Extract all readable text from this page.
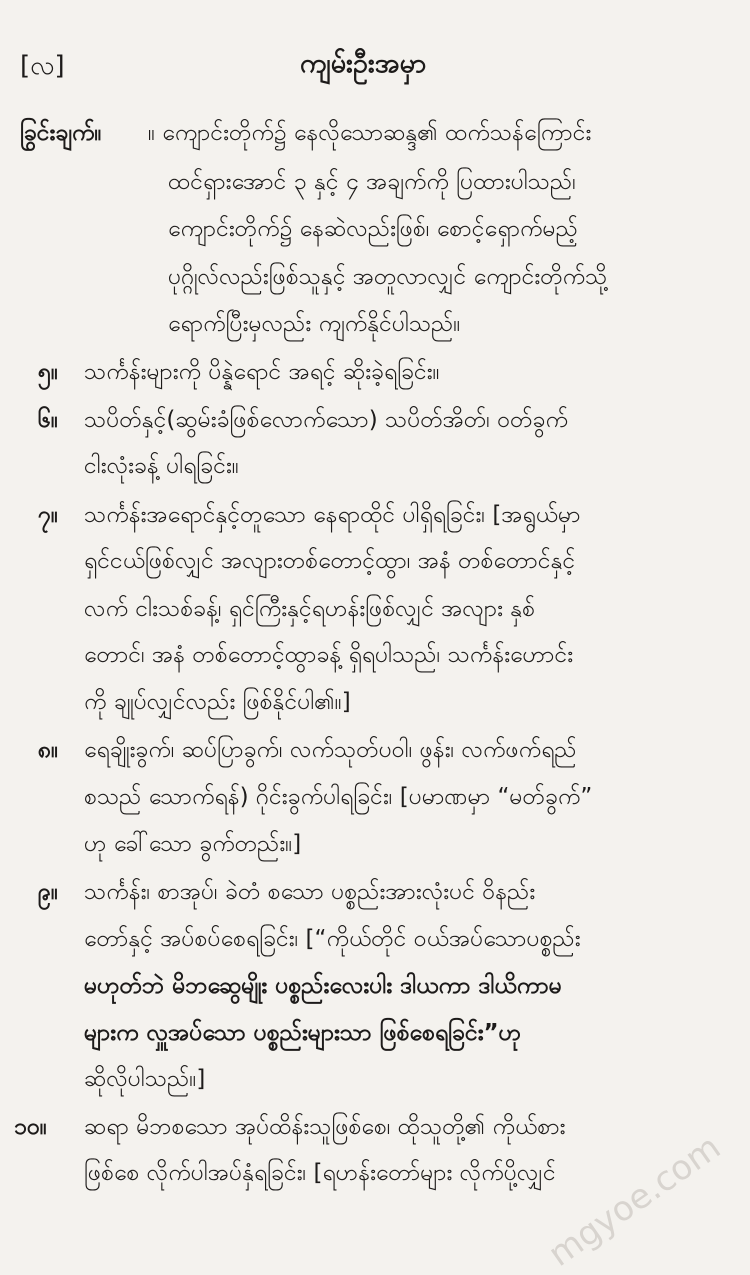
[လ]	ကျမ်းဦးအမှာ
ခြွင်းချက်။ ။ ကျောင်းတိုက်၌ နေလိုသောဆန္ဒ၏ ထက်သန်ကြောင်း
ထင်ရှားအောင် ၃ နှင့် ၄ အချက်ကို ပြထားပါသည်၊
ကျောင်းတိုက်၌ နေဆဲလည်းဖြစ်၊ စောင့်ရှောက်မည့်
ပုဂ္ဂိုလ်လည်းဖြစ်သူနှင့် အတူလာလျှင် ကျောင်းတိုက်သို့
ရောက်ပြီးမှလည်း ကျက်နိုင်ပါသည်။
၅။ သင်္ကန်းများကို ပိန္နဲရောင် အရင့် ဆိုးခဲ့ရခြင်း။
၆။ သပိတ်နှင့်(ဆွမ်းခံဖြစ်လောက်သော) သပိတ်အိတ်၊ ဝတ်ခွက်
ငါးလုံးခန့် ပါရခြင်း။
၇။ သင်္ကန်းအရောင်နှင့်တူသော နေရာထိုင် ပါရှိရခြင်း၊ [အရွယ်မှာ
ရှင်ငယ်ဖြစ်လျှင် အလျားတစ်တောင့်ထွာ၊ အနံ တစ်တောင်နှင့်
လက် ငါးသစ်ခန့်၊ ရှင်ကြီးနှင့်ရဟန်းဖြစ်လျှင် အလျား နှစ်
တောင်၊ အနံ တစ်တောင့်ထွာခန့် ရှိရပါသည်၊ သင်္ကန်းဟောင်း
ကို ချုပ်လျှင်လည်း ဖြစ်နိုင်ပါ၏။]
၈။ ရေချိုးခွက်၊ ဆပ်ပြာခွက်၊ လက်သုတ်ပဝါ၊ ဖွန်း၊ လက်ဖက်ရည်
စသည် သောက်ရန်) ဂိုင်းခွက်ပါရခြင်း၊ [ပမာဏမှာ “မတ်ခွက်”
ဟု ခေါ်သော ခွက်တည်း။]
၉။ သင်္ကန်း၊ စာအုပ်၊ ခဲတံ စသော ပစ္စည်းအားလုံးပင် ဝိနည်း
တော်နှင့် အပ်စပ်စေရခြင်း၊ [“ကိုယ်တိုင် ဝယ်အပ်သောပစ္စည်း
မဟုတ်ဘဲ မိဘဆွေမျိုး ပစ္စည်းလေးပါး ဒါယကာ ဒါယိကာမ
များက လှူအပ်သော ပစ္စည်းများသာ ဖြစ်စေရခြင်း”ဟု
ဆိုလိုပါသည်။]
၁၀။ ဆရာ မိဘစသော အုပ်ထိန်းသူဖြစ်စေ၊ ထိုသူတို့၏ ကိုယ်စား
ဖြစ်စေ လိုက်ပါအပ်နှံရခြင်း၊ [ရဟန်းတော်များ လိုက်ပို့လျှင်
mgyoe.com
